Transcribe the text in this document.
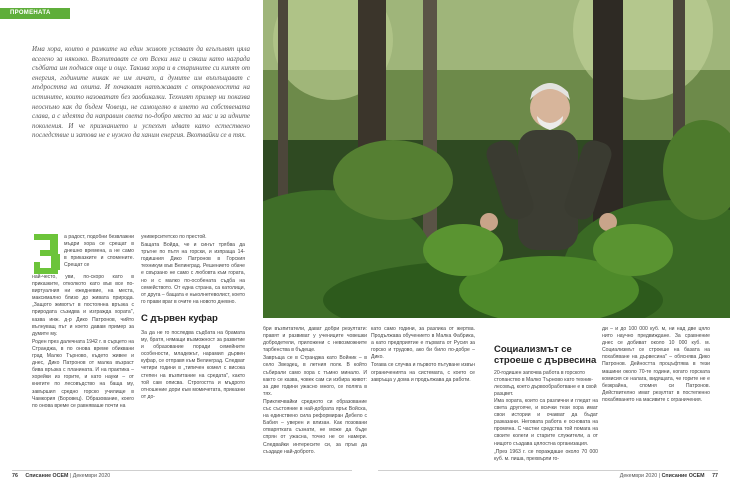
ПРОМЕНАТА
Има хора, които в рамките на един живот успяват да вгълъмят цяла вселено за няколко. Възпитават се от Всеки миг и сякаш като награда съдбата им поднася още и още. Такива хора и в старините си кипят от енергия, годините никак не им личат, а думите им въплъщават с мъдростта на опита. И почакват натъжават с откровеността на истините, които назоватат без заобикалки. Техният пример ни показва неоснъмо как да бъдем Човеци, не самоцелно в името на собствената слава, а с идеята да направим света по-добро място за нас и за идните поколения. И че признанието и успехът идват като естествено последствие и затова не е нужно да ханим енергия. Вкотвайки се в тях.

а радост, подобни безвлажни мъдри хора се срещат в днешно времена, а не само в приказките и спомените. Срещат се

най-често, уви, по-скоро като в приказките, отколкото като във все по-виртуалния ни ежедневие, на места, максимално близо до живата природа. „Защото животът в постоянна връзка с природата съзидва и изгражда хората", казва инж. д-р Дико Патронов, чийто вълнуващ път и което давам пример за думите му.

Роден през далечната 1942 г. в сърцето на Странджа, в по онова време обиквани град Малко Търново, където живее и днес, Дико Патронов от малка възраст бива връзка с планината. И на практика – хорейки из горите, и като науки – от книгите по лесовъдство на баща му, завършил средно горско училище в Чамкория (Боровец). Образование, коего по онова време се равняваше почти на

университетско по престой.

Бащата Войда, че и синът трябва да тръгне по пътя на горски, и изпраща 14-годишния Дико Патронов в Горския техникум във Велинград. Решението обаче е свързано не само с любовта към гората, но и с малко по-особената съдба на семейството. От една страна, са католици, от друга – бащата е ньколнетеволист, което го прави враг в очите на новото дневно.

С дървен куфар

За да не го последва съдбата на брамата му, братя, нямащи възможност за развитие и образование поради семейните особености, младежът, нарамил дървен куфар, се отправя към Велинград. Следват четири години в „типичен комел с висока степен на възпитание на средата", както той сам описва. Строгостта и мъдрото отношение дори към момичетата, приказни от до-

бри възпитатели, дават добри резултати: правят и развиват у учениците човешки добродетели, приложени с невозможните тарбенства в бъдеще.

Завръща се в Странджа като Войник – в село Звездец, в летния полк. В който събирали само хора с тъмно минало. И както се казва, човек сам си избира живот: за две години ужасно много, се поляга в тях.

Приключвайки средното си образование със състояние в най-добрата ярък Войска, на единствено сила реформиран Дебело с Бабия – уверен и влизан. Как позовани отварятката съзнати, не може да бъде спрян от ужасна, точно не се намери. Следвайки интересите си, за пръв да създаде най-доброто.

като само години, за разлика от жертва. Продължава обучението в Малка Фабрика, а като предприятие е първата от Русия за горско и трудово, ако би било по-добре – Дико.

Тогава се случва и първото пътуване извън ограниченията на системата, с което се завръща у дома и продължава да работи.

Социализмът се строеше с дървесина
20-годишен започва работа в горското стопанство в Малко Търново като техник-лесовъд, което дървообработване е в свой разцвет.

Има хората, които са различни и гледат на света другояче, и всички тези хора имат свои истории и очакват да бъдат разказани. Неговата работа е основата на промяна. С частни средства той помага на своите колеги и старите служители, а от нищото създава цялостна организация.

„През 1963 г. се пораждаше около 70 000 куб. м. пиша, прехвърли го-

ди – и до 100 000 куб. м, ни над две цяло нито научно предвиждане. За сравнение днес се добиват около 10 000 куб. м. Социализмът се строеше на базата на похабяване на дървесина" – обяснява Дико Патронов. Дейността процъфтява в тези машини около 70-те години, когато горската комисия се налага, видящата, че горите не е безкрайна, спомня си Патронов. Действително имат резултат в постепенно похабяването на масивите с ограничения.

76 Списание ОСЕМ | Декември 2020	Декември 2020 | Списание ОСЕМ 77
